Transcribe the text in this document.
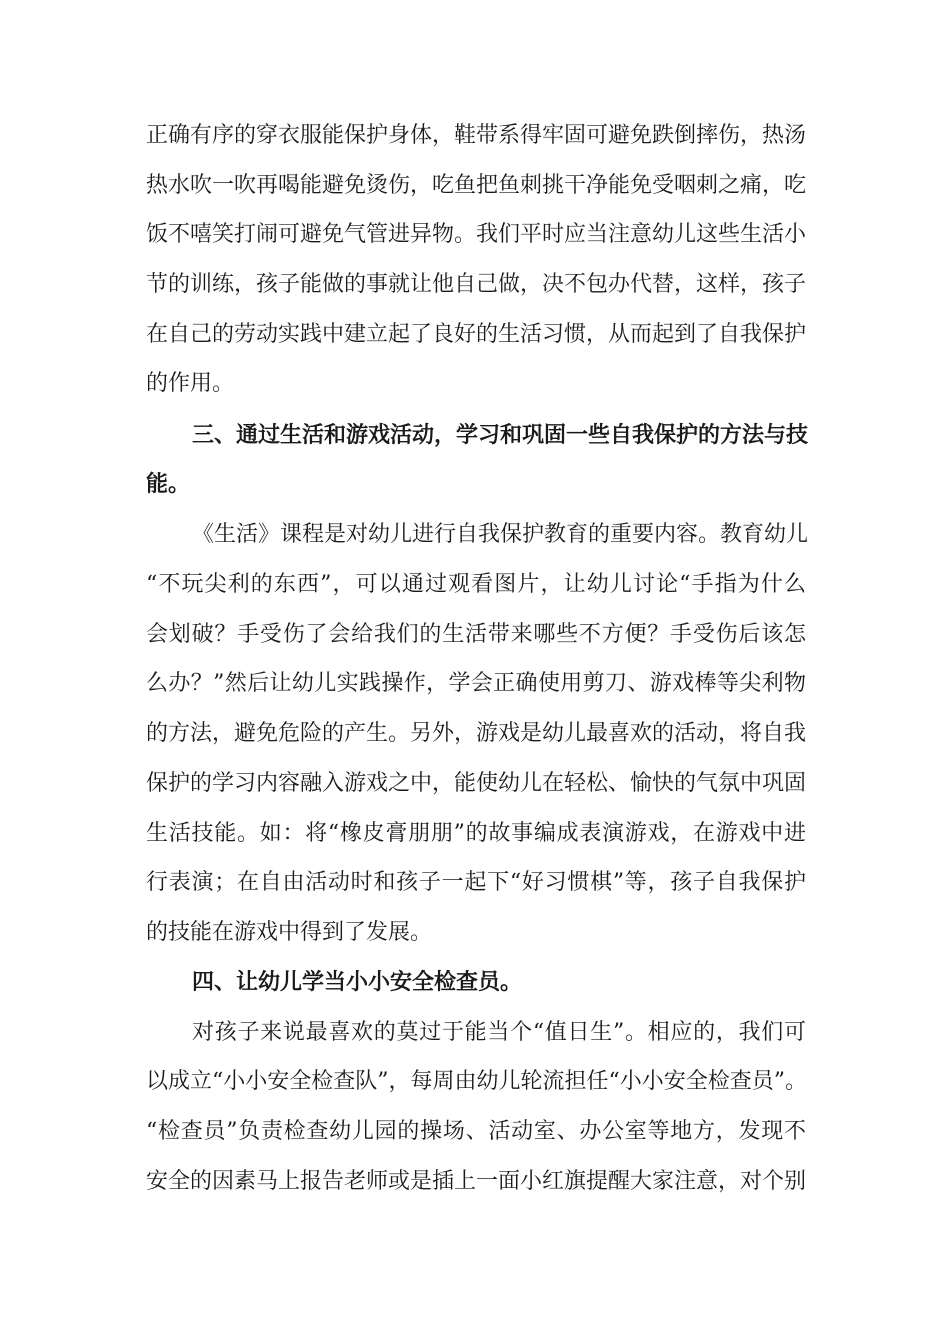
正确有序的穿衣服能保护身体，鞋带系得牢固可避免跌倒摔伤，热汤
热水吹一吹再喝能避免烫伤，吃鱼把鱼刺挑干净能免受咽刺之痛，吃
饭不嘻笑打闹可避免气管进异物。我们平时应当注意幼儿这些生活小
节的训练，孩子能做的事就让他自己做，决不包办代替，这样，孩子
在自己的劳动实践中建立起了良好的生活习惯，从而起到了自我保护
的作用。
三、通过生活和游戏活动，学习和巩固一些自我保护的方法与技
能。
《生活》课程是对幼儿进行自我保护教育的重要内容。教育幼儿
“不玩尖利的东西”，可以通过观看图片，让幼儿讨论“手指为什么
会划破？手受伤了会给我们的生活带来哪些不方便？手受伤后该怎
么办？”然后让幼儿实践操作，学会正确使用剪刀、游戏棒等尖利物
的方法，避免危险的产生。另外，游戏是幼儿最喜欢的活动，将自我
保护的学习内容融入游戏之中，能使幼儿在轻松、愉快的气氛中巩固
生活技能。如：将“橡皮膏朋朋”的故事编成表演游戏，在游戏中进
行表演；在自由活动时和孩子一起下“好习惯棋”等，孩子自我保护
的技能在游戏中得到了发展。
四、让幼儿学当小小安全检查员。
对孩子来说最喜欢的莫过于能当个“值日生”。相应的，我们可
以成立“小小安全检查队”，每周由幼儿轮流担任“小小安全检查员”。
“检查员”负责检查幼儿园的操场、活动室、办公室等地方，发现不
安全的因素马上报告老师或是插上一面小红旗提醒大家注意，对个别
